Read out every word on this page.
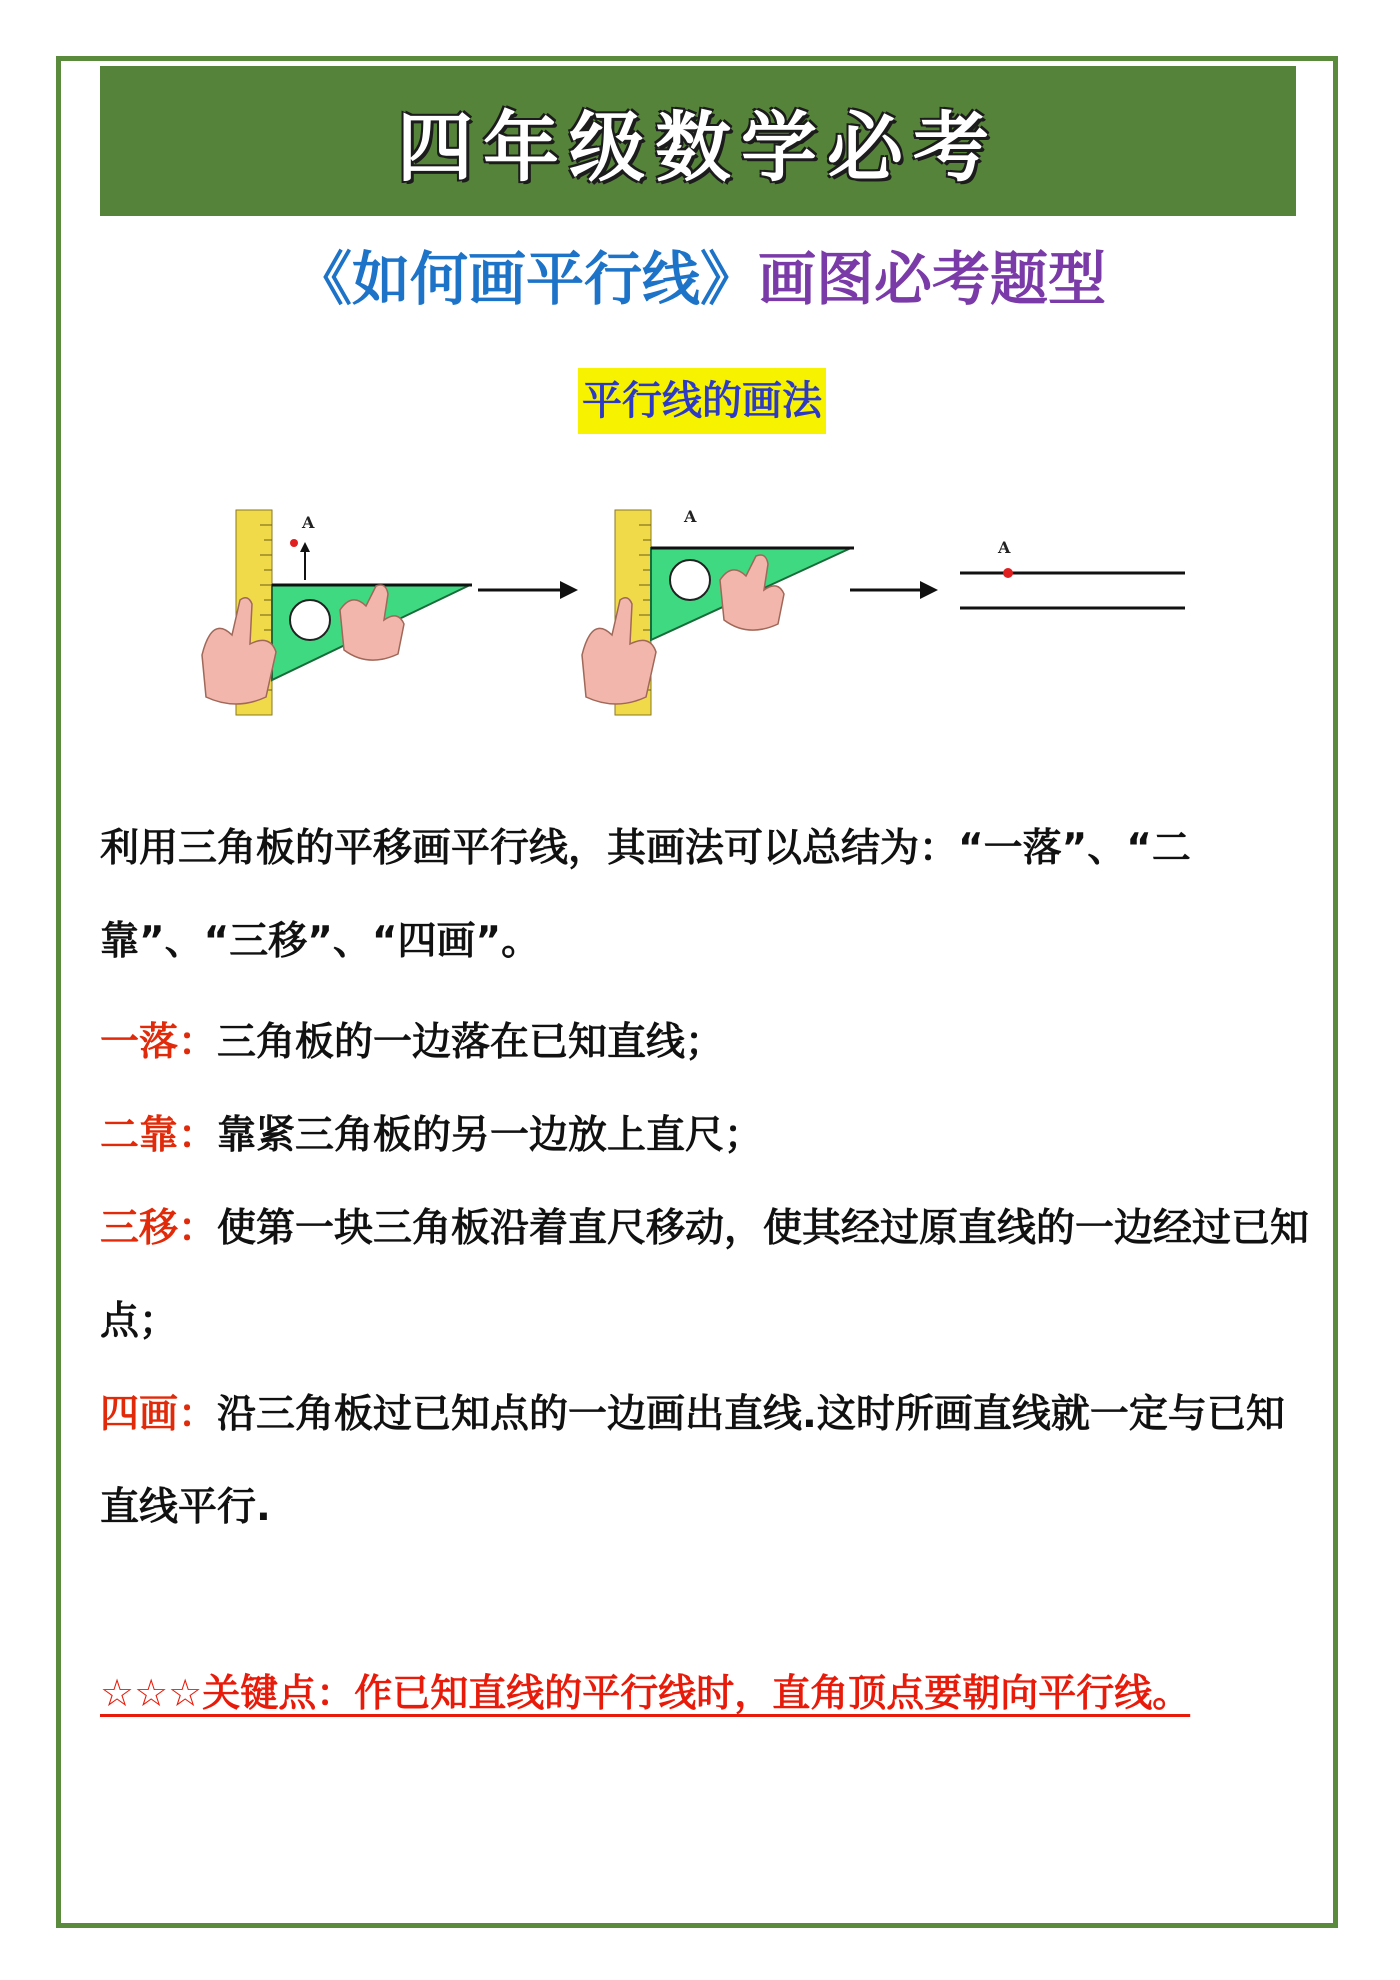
四年级数学必考
《如何画平行线》画图必考题型
平行线的画法
A	A
A
利用三角板的平移画平行线，其画法可以总结为：“一落”、“二靠”、“三移”、“四画”。
一落：三角板的一边落在已知直线；
二靠：靠紧三角板的另一边放上直尺；
三移：使第一块三角板沿着直尺移动，使其经过原直线的一边经过已知点；
四画：沿三角板过已知点的一边画出直线.这时所画直线就一定与已知直线平行.
☆☆☆关键点：作已知直线的平行线时，直角顶点要朝向平行线。
